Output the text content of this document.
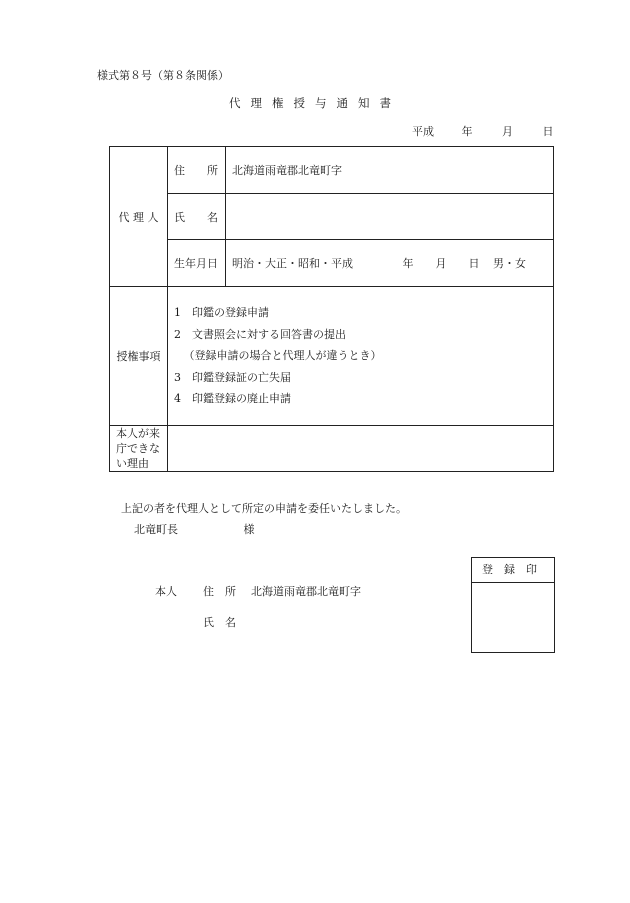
様式第８号（第８条関係）
代理権授与通知書
平成	年	月	日
代 理 人	住　　所	北海道雨竜郡北竜町字
	氏　　名	
	生年月日	明治・大正・昭和・平成 年　　月　　日 男・女
授権事項	1　印鑑の登録申請
2　文書照会に対する回答書の提出
　（登録申請の場合と代理人が違うとき）
3　印鑑登録証の亡失届
4　印鑑登録の廃止申請	

本人が来庁できない理由		
上記の者を代理人として所定の申請を委任いたしました。
北竜町長	様
登録印
本人 住　所 北海道雨竜郡北竜町字
氏　名
